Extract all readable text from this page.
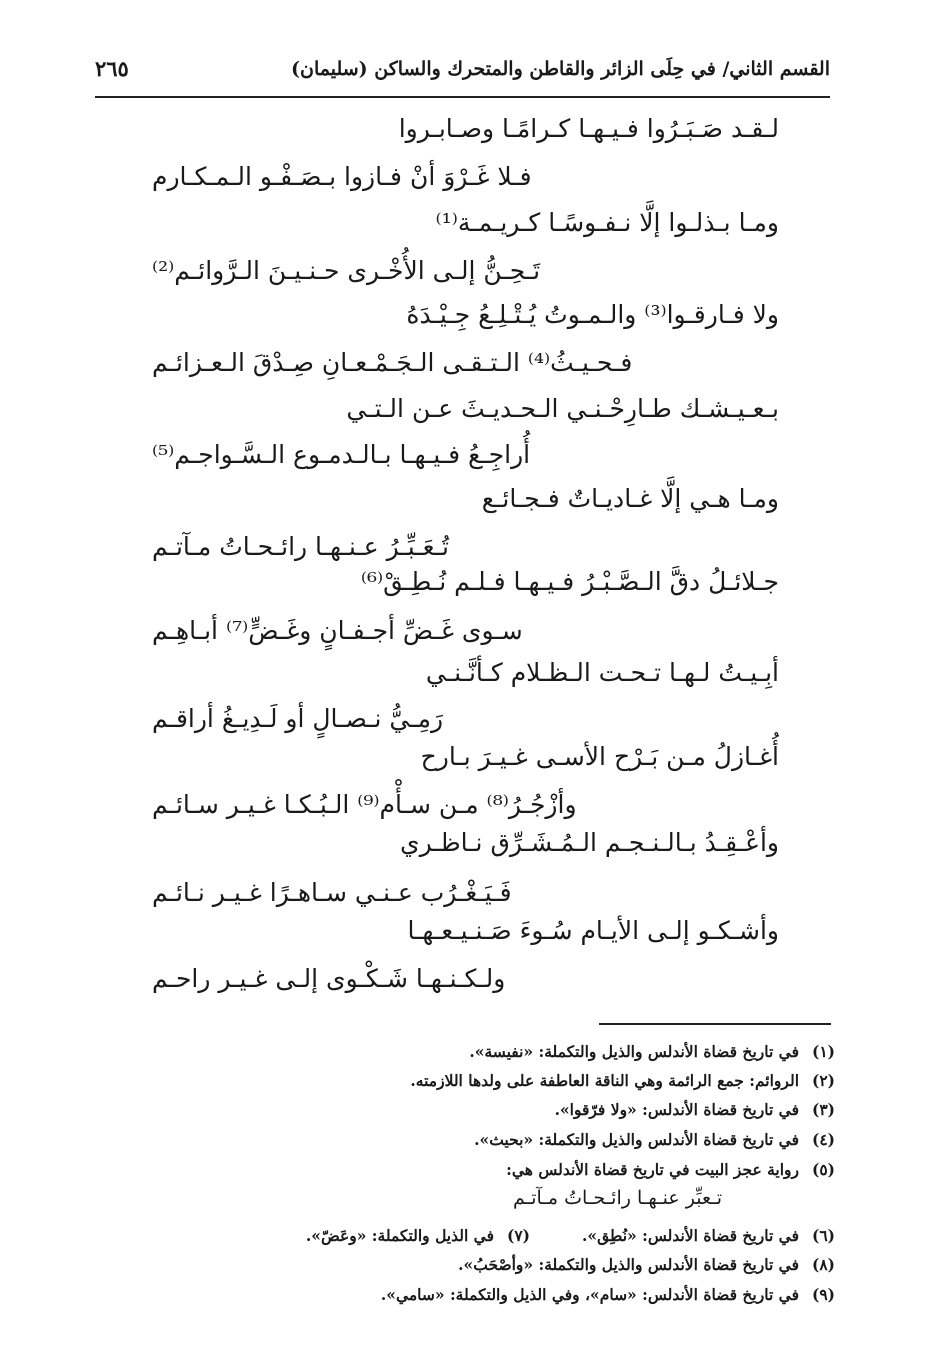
القسم الثاني/ في حِلَى الزائر والقاطن والمتحرك والساكن (سليمان)
٢٦٥
لـقـد صَـبَـرُوا فـيـهـا كـرامًـا وصـابـروا
فـلا غَـرْوَ أنْ فـازوا بـصَـفْـو الـمـكـارم
ومـا بـذلـوا إلَّا نـفـوسًـا كـريـمـة⁽¹⁾
تَـحِـنُّ إلـى الأُخْـرى حـنـيـنَ الـرَّوائـم⁽²⁾
ولا فـارقـوا⁽³⁾ والـمـوتُ يُـتْـلِـعُ جِـيْـدَهُ
فـحـيـثُ⁽⁴⁾ الـتـقـى الـجَـمْـعـانِ صِـدْقَ الـعـزائـم
بـعـيـشـك طـارِحْـنـي الـحـديـثَ عـن الـتـي
أُراجِـعُ فـيـهـا بـالـدمـوع الـسَّـواجـم⁽⁵⁾
ومـا هـي إلَّا غـاديـاتٌ فـجـائـع
تُـعَـبِّـرُ عـنـهـا رائـحـاتُ مـآتـم
جـلائـلُ دقَّ الـصَّـبْـرُ فـيـهـا فـلـم نُـطِـقْ⁽⁶⁾
سـوى غَـضِّ أجـفـانٍ وغَـضٍّ⁽⁷⁾ أبـاهِـم
أبِـيـتُ لـهـا تـحـت الـظـلام كـأنَّـنـي
رَمِـيُّ نـصـالٍ أو لَـدِيـغُ أراقـم
أُغـازلُ مـن بَـرْح الأسـى غـيـرَ بـارح
وأزْجُـرُ⁽⁸⁾ مـن سـأْم⁽⁹⁾ الـبُـكـا غـيـر سـائـم
وأعْـقِـدُ بـالـنـجـم الـمُـشَـرِّق نـاظـري
فَـيَـغْـرُب عـنـي سـاهـرًا غـيـر نـائـم
وأشـكـو إلـى الأيـام سُـوءَ صَـنـيـعـهـا
ولـكـنـهـا شَـكْـوى إلـى غـيـر راحـم
(١)في تاريخ قضاة الأندلس والذيل والتكملة: «نفيسة».
(٢)الروائم: جمع الرائمة وهي الناقة العاطفة على ولدها اللازمته.
(٣)في تاريخ قضاة الأندلس: «ولا فرّقوا».
(٤)في تاريخ قضاة الأندلس والذيل والتكملة: «بحيث».
(٥)رواية عجز البيت في تاريخ قضاة الأندلس هي:
تـعبِّر عنـهـا رائـحـاتُ مـآتـم
(٦)في تاريخ قضاة الأندلس: «نُطِق».(٧)في الذيل والتكملة: «وعَضّ».
(٨)في تاريخ قضاة الأندلس والذيل والتكملة: «وأصْحَبُ».
(٩)في تاريخ قضاة الأندلس: «سام»، وفي الذيل والتكملة: «سامي».
